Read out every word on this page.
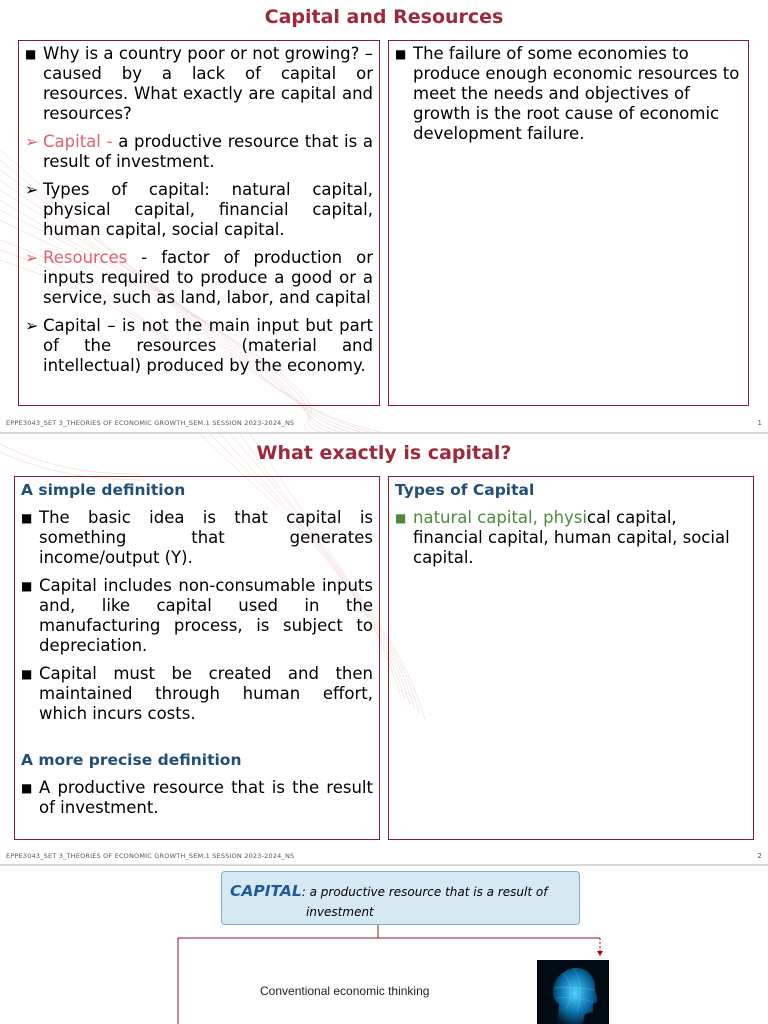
Capital and Resources
■ Why is a country poor or not growing? – caused by a lack of capital or resources. What exactly are capital and resources?
➢ Capital - a productive resource that is a result of investment.
➢ Types of capital: natural capital, physical capital, financial capital, human capital, social capital.
➢ Resources - factor of production or inputs required to produce a good or a service, such as land, labor, and capital
➢ Capital – is not the main input but part of the resources (material and intellectual) produced by the economy.
■ The failure of some economies to produce enough economic resources to meet the needs and objectives of growth is the root cause of economic development failure.
EPPE3043_SET 3_THEORIES OF ECONOMIC GROWTH_SEM.1 SESSION 2023-2024_NS	1
What exactly is capital?
A simple definition
■ The basic idea is that capital is something that generates income/output (Y).
■ Capital includes non-consumable inputs and, like capital used in the manufacturing process, is subject to depreciation.
■ Capital must be created and then maintained through human effort, which incurs costs.
A more precise definition
■ A productive resource that is the result of investment.
Types of Capital
■ natural capital, physical capital, financial capital, human capital, social capital.
EPPE3043_SET 3_THEORIES OF ECONOMIC GROWTH_SEM.1 SESSION 2023-2024_NS	2
CAPITAL: a productive resource that is a result of
investment
Conventional economic thinking
